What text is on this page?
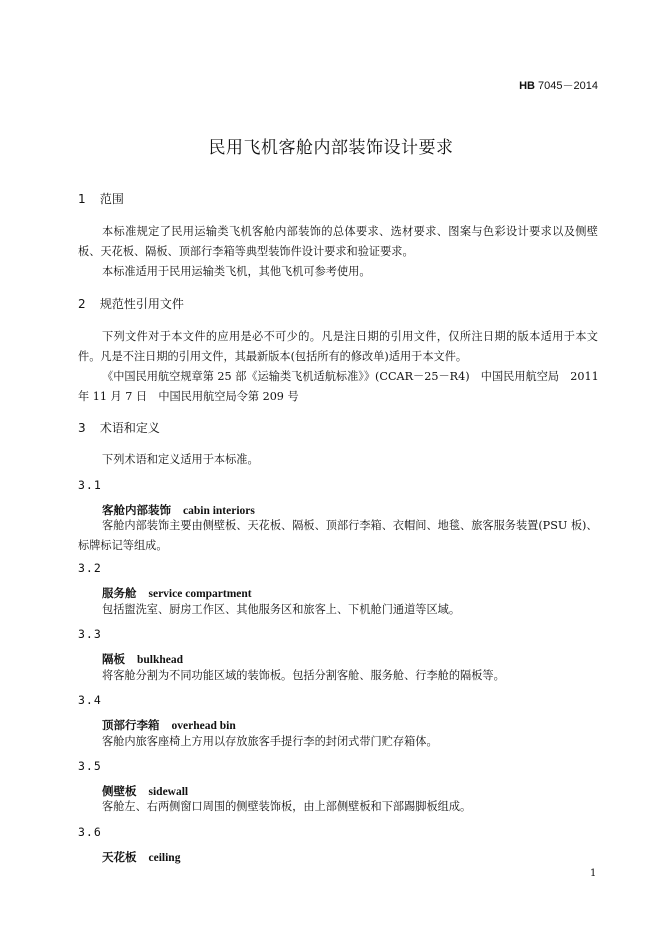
HB 7045－2014
民用飞机客舱内部装饰设计要求
1 范围
本标准规定了民用运输类飞机客舱内部装饰的总体要求、选材要求、图案与色彩设计要求以及侧壁
板、天花板、隔板、顶部行李箱等典型装饰件设计要求和验证要求。
本标准适用于民用运输类飞机，其他飞机可参考使用。
2 规范性引用文件
下列文件对于本文件的应用是必不可少的。凡是注日期的引用文件，仅所注日期的版本适用于本文
件。凡是不注日期的引用文件，其最新版本(包括所有的修改单)适用于本文件。
《中国民用航空规章第 25 部《运输类飞机适航标准》》(CCAR－25－R4)　中国民用航空局　2011
年 11 月 7 日　中国民用航空局令第 209 号
3 术语和定义
下列术语和定义适用于本标准。
3.1
客舱内部装饰 cabin interiors
客舱内部装饰主要由侧壁板、天花板、隔板、顶部行李箱、衣帽间、地毯、旅客服务装置(PSU 板)、
标牌标记等组成。
3.2
服务舱 service compartment
包括盥洗室、厨房工作区、其他服务区和旅客上、下机舱门通道等区域。
3.3
隔板 bulkhead
将客舱分割为不同功能区域的装饰板。包括分割客舱、服务舱、行李舱的隔板等。
3.4
顶部行李箱 overhead bin
客舱内旅客座椅上方用以存放旅客手提行李的封闭式带门贮存箱体。
3.5
侧壁板 sidewall
客舱左、右两侧窗口周围的侧壁装饰板，由上部侧壁板和下部踢脚板组成。
3.6
天花板 ceiling
1
